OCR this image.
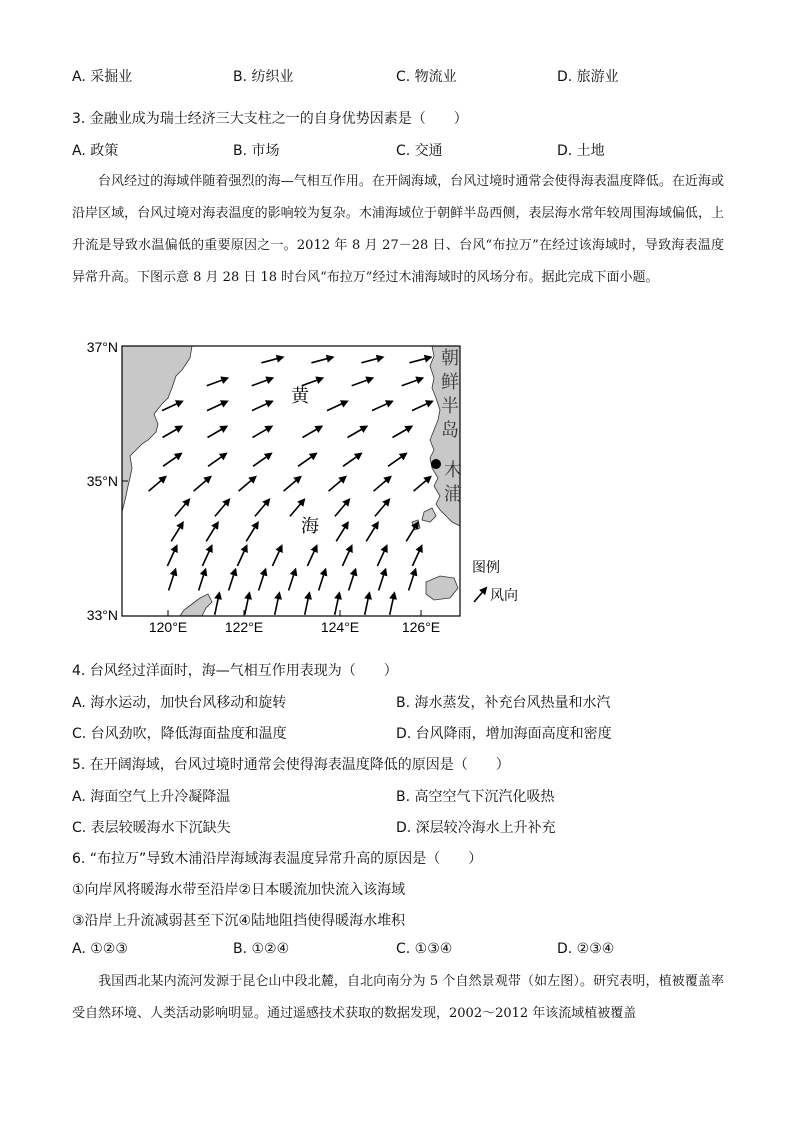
A. 采掘业	B. 纺织业	C. 物流业	D. 旅游业
3. 金融业成为瑞士经济三大支柱之一的自身优势因素是（　　）
A. 政策	B. 市场	C. 交通	D. 土地
台风经过的海域伴随着强烈的海—气相互作用。在开阔海域，台风过境时通常会使得海表温度降低。在近海或沿岸区域，台风过境对海表温度的影响较为复杂。木浦海域位于朝鲜半岛西侧，表层海水常年较周围海域偏低，上升流是导致水温偏低的重要原因之一。2012 年 8 月 27－28 日、台风“布拉万”在经过该海域时，导致海表温度异常升高。下图示意 8 月 28 日 18 时台风“布拉万”经过木浦海域时的风场分布。据此完成下面小题。
37°N
35°N
33°N
120°E	122°E	124°E	126°E
黄
海
朝
鲜
半
岛
木
浦
图例
风向
4. 台风经过洋面时，海—气相互作用表现为（　　）
A. 海水运动，加快台风移动和旋转	B. 海水蒸发，补充台风热量和水汽
C. 台风劲吹，降低海面盐度和温度	D. 台风降雨，增加海面高度和密度
5. 在开阔海域，台风过境时通常会使得海表温度降低的原因是（　　）
A. 海面空气上升冷凝降温	B. 高空空气下沉汽化吸热
C. 表层较暖海水下沉缺失	D. 深层较冷海水上升补充
6. “布拉万”导致木浦沿岸海域海表温度异常升高的原因是（　　）
①向岸风将暖海水带至沿岸②日本暖流加快流入该海域
③沿岸上升流减弱甚至下沉④陆地阻挡使得暖海水堆积
A. ①②③	B. ①②④	C. ①③④	D. ②③④
我国西北某内流河发源于昆仑山中段北麓，自北向南分为 5 个自然景观带（如左图）。研究表明，植被覆盖率受自然环境、人类活动影响明显。通过遥感技术获取的数据发现，2002～2012 年该流域植被覆盖
